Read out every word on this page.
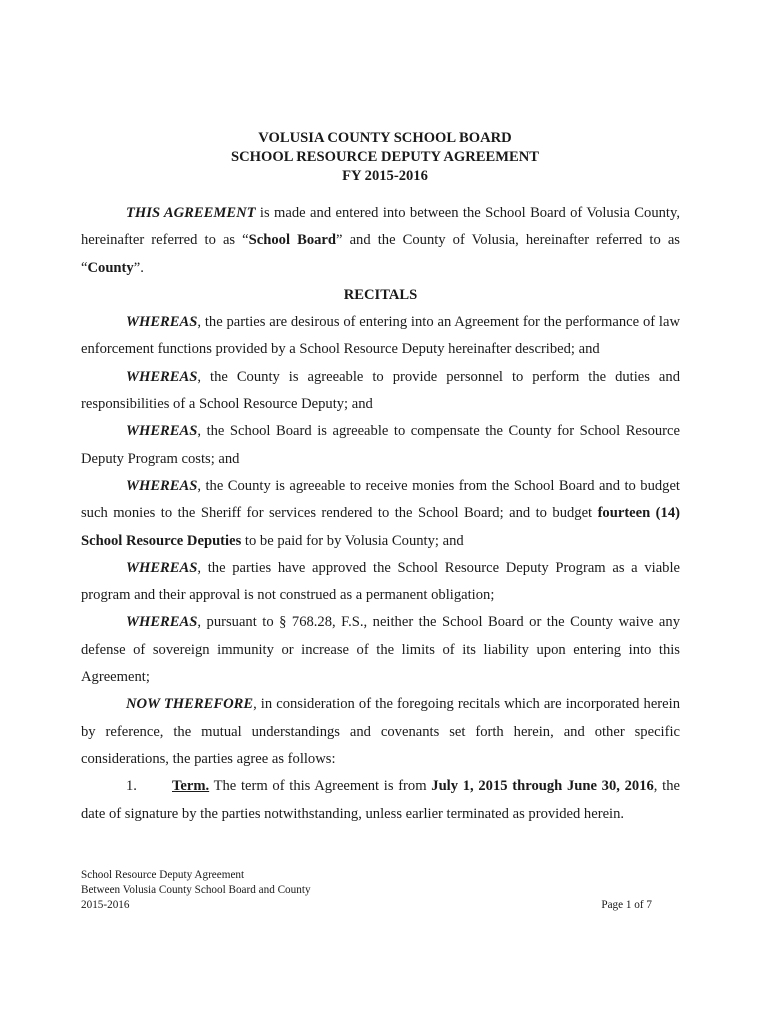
VOLUSIA COUNTY SCHOOL BOARD
SCHOOL RESOURCE DEPUTY AGREEMENT
FY 2015-2016

THIS AGREEMENT is made and entered into between the School Board of Volusia County, hereinafter referred to as “School Board” and the County of Volusia, hereinafter referred to as “County”.

RECITALS

WHEREAS, the parties are desirous of entering into an Agreement for the performance of law enforcement functions provided by a School Resource Deputy hereinafter described; and

WHEREAS, the County is agreeable to provide personnel to perform the duties and responsibilities of a School Resource Deputy; and

WHEREAS, the School Board is agreeable to compensate the County for School Resource Deputy Program costs; and

WHEREAS, the County is agreeable to receive monies from the School Board and to budget such monies to the Sheriff for services rendered to the School Board; and to budget fourteen (14) School Resource Deputies to be paid for by Volusia County; and

WHEREAS, the parties have approved the School Resource Deputy Program as a viable program and their approval is not construed as a permanent obligation;

WHEREAS, pursuant to § 768.28, F.S., neither the School Board or the County waive any defense of sovereign immunity or increase of the limits of its liability upon entering into this Agreement;

NOW THEREFORE, in consideration of the foregoing recitals which are incorporated herein by reference, the mutual understandings and covenants set forth herein, and other specific considerations, the parties agree as follows:

1. Term. The term of this Agreement is from July 1, 2015 through June 30, 2016, the date of signature by the parties notwithstanding, unless earlier terminated as provided herein.

School Resource Deputy Agreement
Between Volusia County School Board and County
2015-2016	Page 1 of 7
